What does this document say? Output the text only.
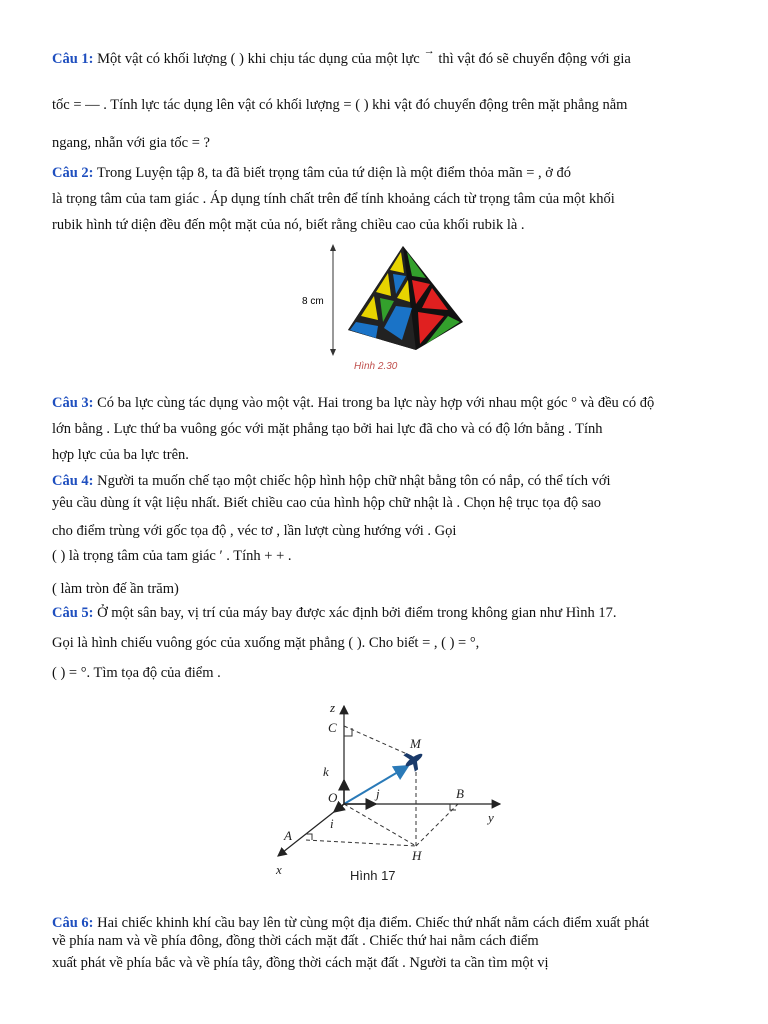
Câu 1: Một vật có khối lượng ( ) khi chịu tác dụng của một lực → thì vật đó sẽ chuyển động với gia
tốc = — . Tính lực tác dụng lên vật có khối lượng = ( ) khi vật đó chuyển động trên mặt phẳng nằm
ngang, nhẵn với gia tốc = ?
Câu 2: Trong Luyện tập 8, ta đã biết trọng tâm của tứ diện là một điểm thỏa mãn = , ở đó
là trọng tâm của tam giác . Áp dụng tính chất trên để tính khoảng cách từ trọng tâm của một khối
rubik hình tứ diện đều đến một mặt của nó, biết rằng chiều cao của khối rubik là .
8 cm
Hình 2.30
Câu 3: Có ba lực cùng tác dụng vào một vật. Hai trong ba lực này hợp với nhau một góc ° và đều có độ
lớn bằng . Lực thứ ba vuông góc với mặt phẳng tạo bởi hai lực đã cho và có độ lớn bằng . Tính
hợp lực của ba lực trên.
Câu 4: Người ta muốn chế tạo một chiếc hộp hình hộp chữ nhật bằng tôn có nắp, có thể tích với
yêu cầu dùng ít vật liệu nhất. Biết chiều cao của hình hộp chữ nhật là . Chọn hệ trục tọa độ sao
cho điểm trùng với gốc tọa độ , véc tơ , lần lượt cùng hướng với . Gọi
( ) là trọng tâm của tam giác ′ . Tính + + .
( làm tròn đế ần trăm)
Câu 5: Ở một sân bay, vị trí của máy bay được xác định bởi điểm trong không gian như Hình 17.
Gọi là hình chiếu vuông góc của xuống mặt phẳng ( ). Cho biết = , ( ) = °,
( ) = °. Tìm tọa độ của điểm .
z
C
M
k
O	j	B
y
i
A
H
x	Hình 17
Câu 6: Hai chiếc khinh khí cầu bay lên từ cùng một địa điểm. Chiếc thứ nhất nằm cách điểm xuất phát
về phía nam và về phía đông, đồng thời cách mặt đất . Chiếc thứ hai nằm cách điểm
xuất phát về phía bắc và về phía tây, đồng thời cách mặt đất . Người ta cần tìm một vị
